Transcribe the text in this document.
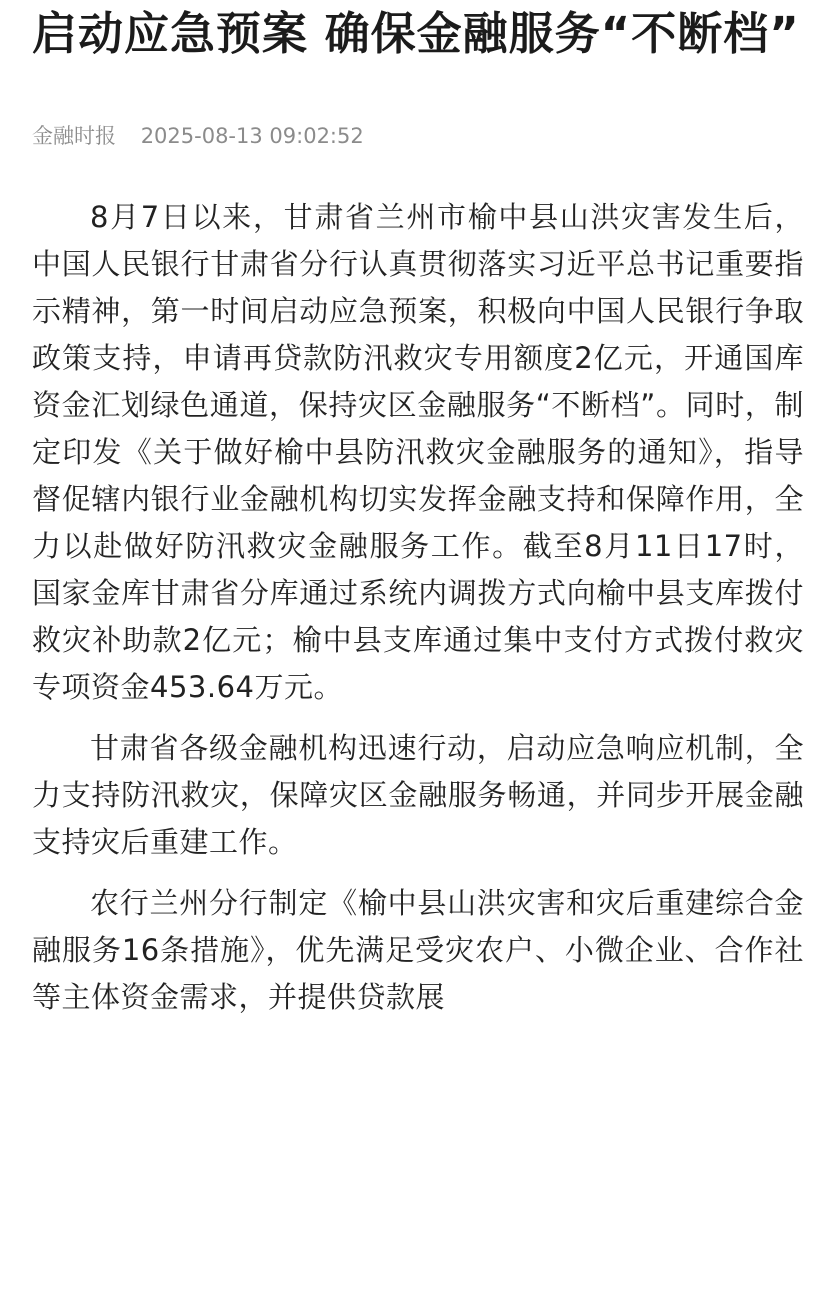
启动应急预案 确保金融服务“不断档”
金融时报 2025-08-13 09:02:52

8月7日以来，甘肃省兰州市榆中县山洪灾害发生后，中国人民银行甘肃省分行认真贯彻落实习近平总书记重要指示精神，第一时间启动应急预案，积极向中国人民银行争取政策支持，申请再贷款防汛救灾专用额度2亿元，开通国库资金汇划绿色通道，保持灾区金融服务“不断档”。同时，制定印发《关于做好榆中县防汛救灾金融服务的通知》，指导督促辖内银行业金融机构切实发挥金融支持和保障作用，全力以赴做好防汛救灾金融服务工作。截至8月11日17时，国家金库甘肃省分库通过系统内调拨方式向榆中县支库拨付救灾补助款2亿元；榆中县支库通过集中支付方式拨付救灾专项资金453.64万元。

甘肃省各级金融机构迅速行动，启动应急响应机制，全力支持防汛救灾，保障灾区金融服务畅通，并同步开展金融支持灾后重建工作。

农行兰州分行制定《榆中县山洪灾害和灾后重建综合金融服务16条措施》，优先满足受灾农户、小微企业、合作社等主体资金需求，并提供贷款展
